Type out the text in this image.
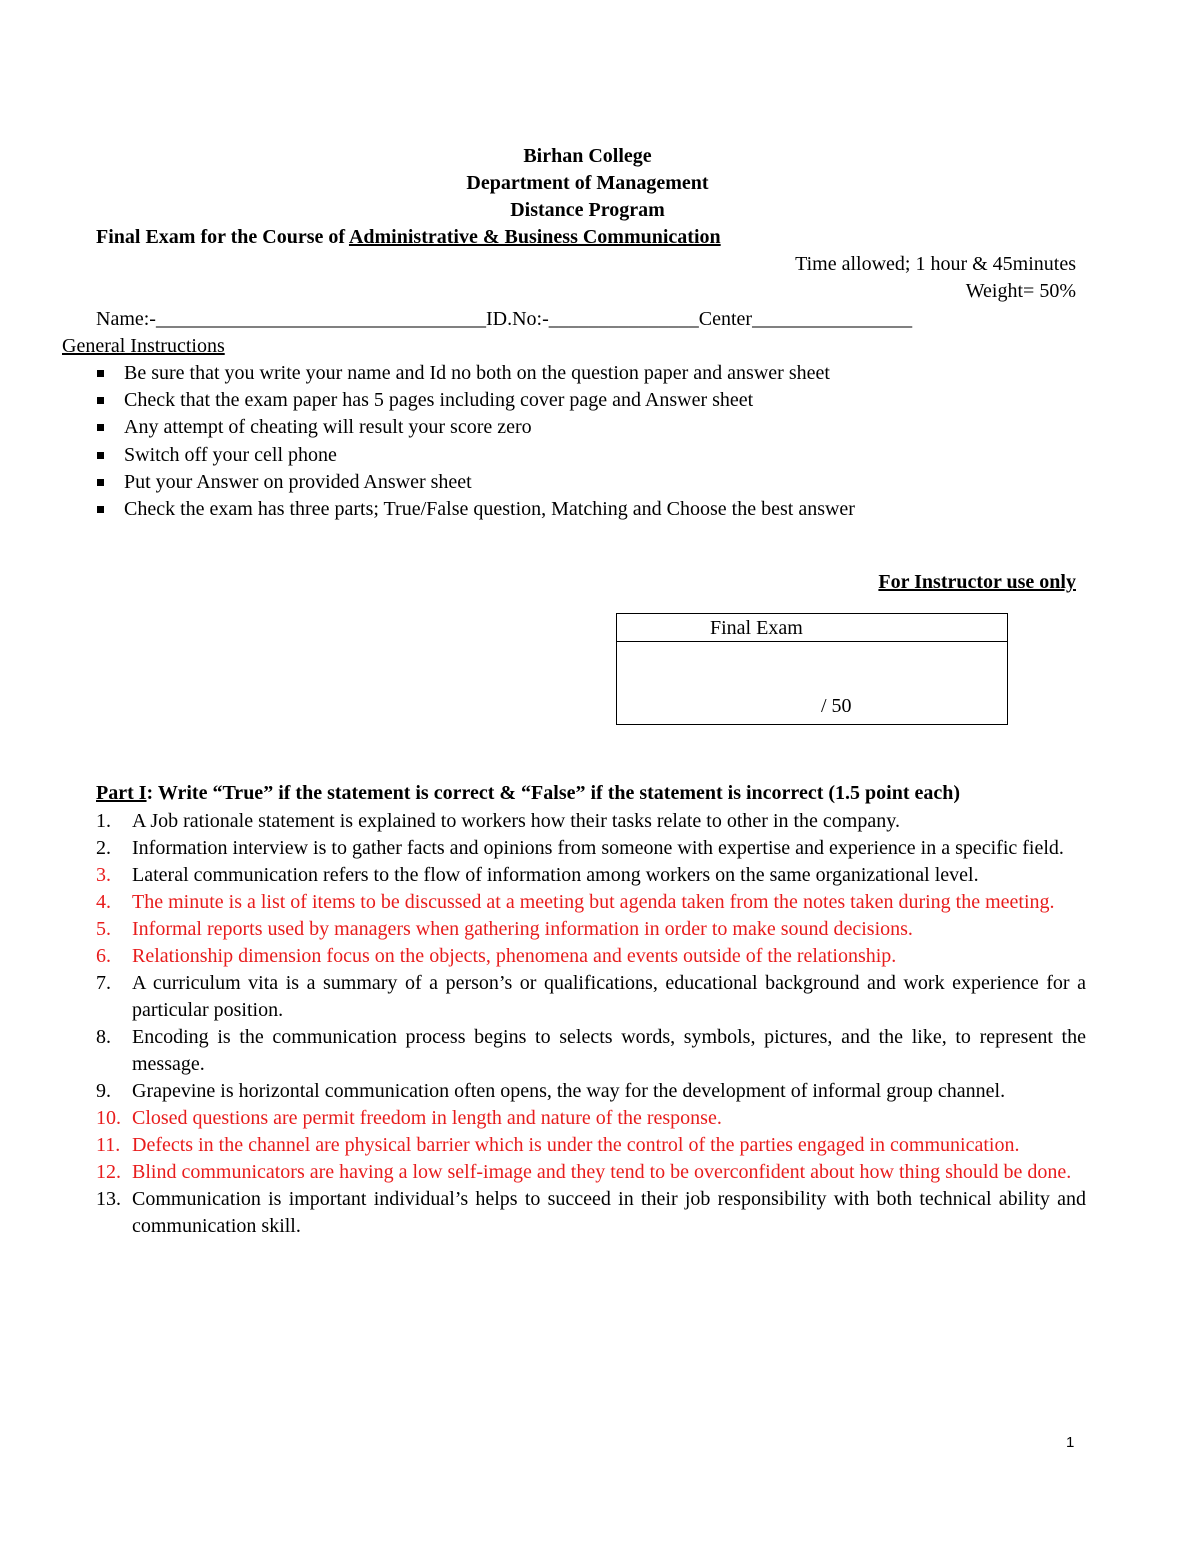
Birhan College
Department of Management
Distance Program
Final Exam for the Course of Administrative & Business Communication
Time allowed; 1 hour & 45minutes
Weight= 50%
Name:-_________________________________ID.No:-_______________Center________________
General Instructions
Be sure that you write your name and Id no both on the question paper and answer sheet
Check that the exam paper has 5 pages including cover page and Answer sheet
Any attempt of cheating will result your score zero
Switch off your cell phone
Put your Answer on provided Answer sheet
Check the exam has three parts; True/False question, Matching and Choose the best answer
For Instructor use only
Final Exam
/ 50
Part I: Write “True” if the statement is correct & “False” if the statement is incorrect (1.5 point each)
1.	A Job rationale statement is explained to workers how their tasks relate to other in the company.
2.	Information interview is to gather facts and opinions from someone with expertise and experience in a specific field.
3.	Lateral communication refers to the flow of information among workers on the same organizational level.
4.	The minute is a list of items to be discussed at a meeting but agenda taken from the notes taken during the meeting.
5.	Informal reports used by managers when gathering information in order to make sound decisions.
6.	Relationship dimension focus on the objects, phenomena and events outside of the relationship.
7.	A curriculum vita is a summary of a person’s or qualifications, educational background and work experience for a particular position.
8.	Encoding is the communication process begins to selects words, symbols, pictures, and the like, to represent the message.
9.	Grapevine is horizontal communication often opens, the way for the development of informal group channel.
10. Closed questions are permit freedom in length and nature of the response.
11. Defects in the channel are physical barrier which is under the control of the parties engaged in communication.
12. Blind communicators are having a low self-image and they tend to be overconfident about how thing should be done.
13. Communication is important individual’s helps to succeed in their job responsibility with both technical ability and communication skill.
1
